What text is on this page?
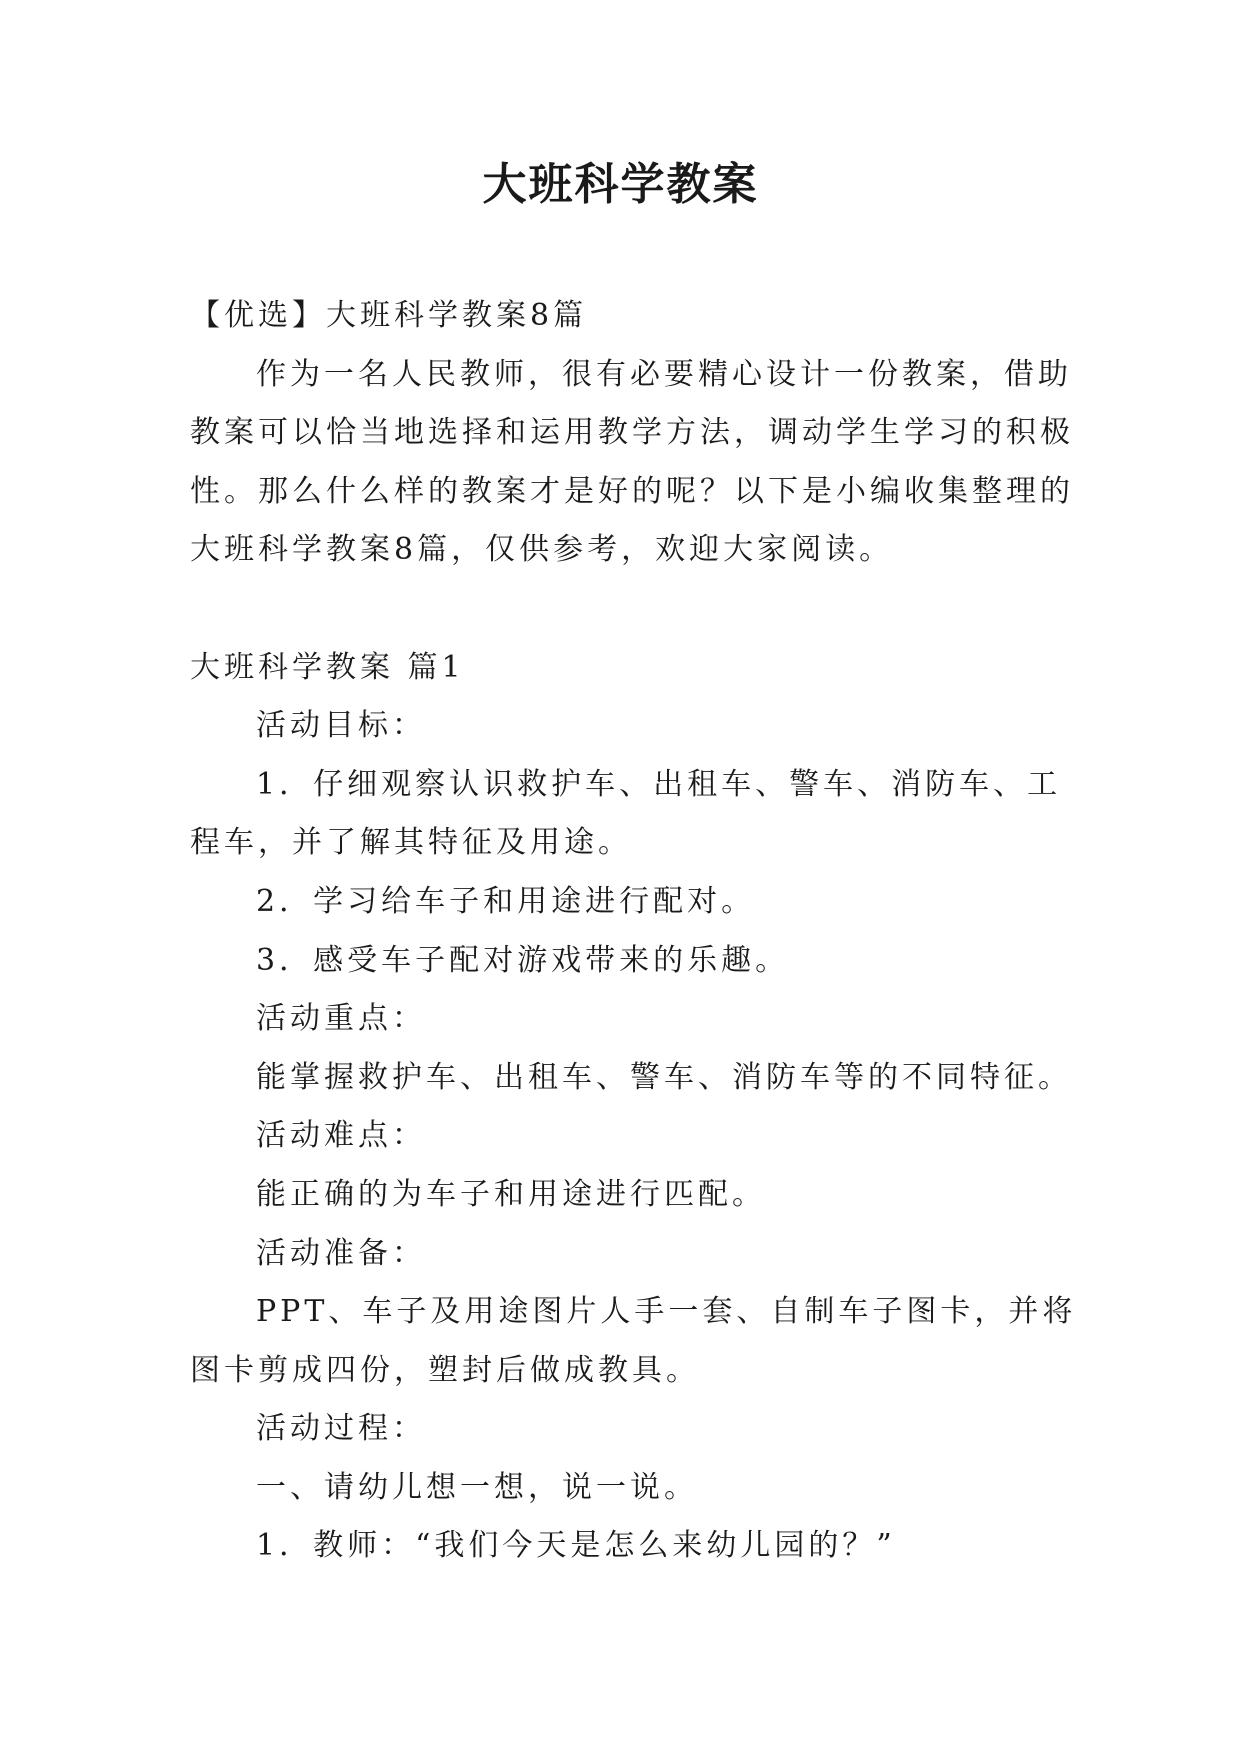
大班科学教案
【优选】大班科学教案8篇
作为一名人民教师，很有必要精心设计一份教案，借助
教案可以恰当地选择和运用教学方法，调动学生学习的积极
性。那么什么样的教案才是好的呢？以下是小编收集整理的
大班科学教案8篇，仅供参考，欢迎大家阅读。
大班科学教案 篇1
活动目标：
1．仔细观察认识救护车、出租车、警车、消防车、工
程车，并了解其特征及用途。
2．学习给车子和用途进行配对。
3．感受车子配对游戏带来的乐趣。
活动重点：
能掌握救护车、出租车、警车、消防车等的不同特征。
活动难点：
能正确的为车子和用途进行匹配。
活动准备：
PPT、车子及用途图片人手一套、自制车子图卡，并将
图卡剪成四份，塑封后做成教具。
活动过程：
一、请幼儿想一想，说一说。
1．教师：“我们今天是怎么来幼儿园的？”
